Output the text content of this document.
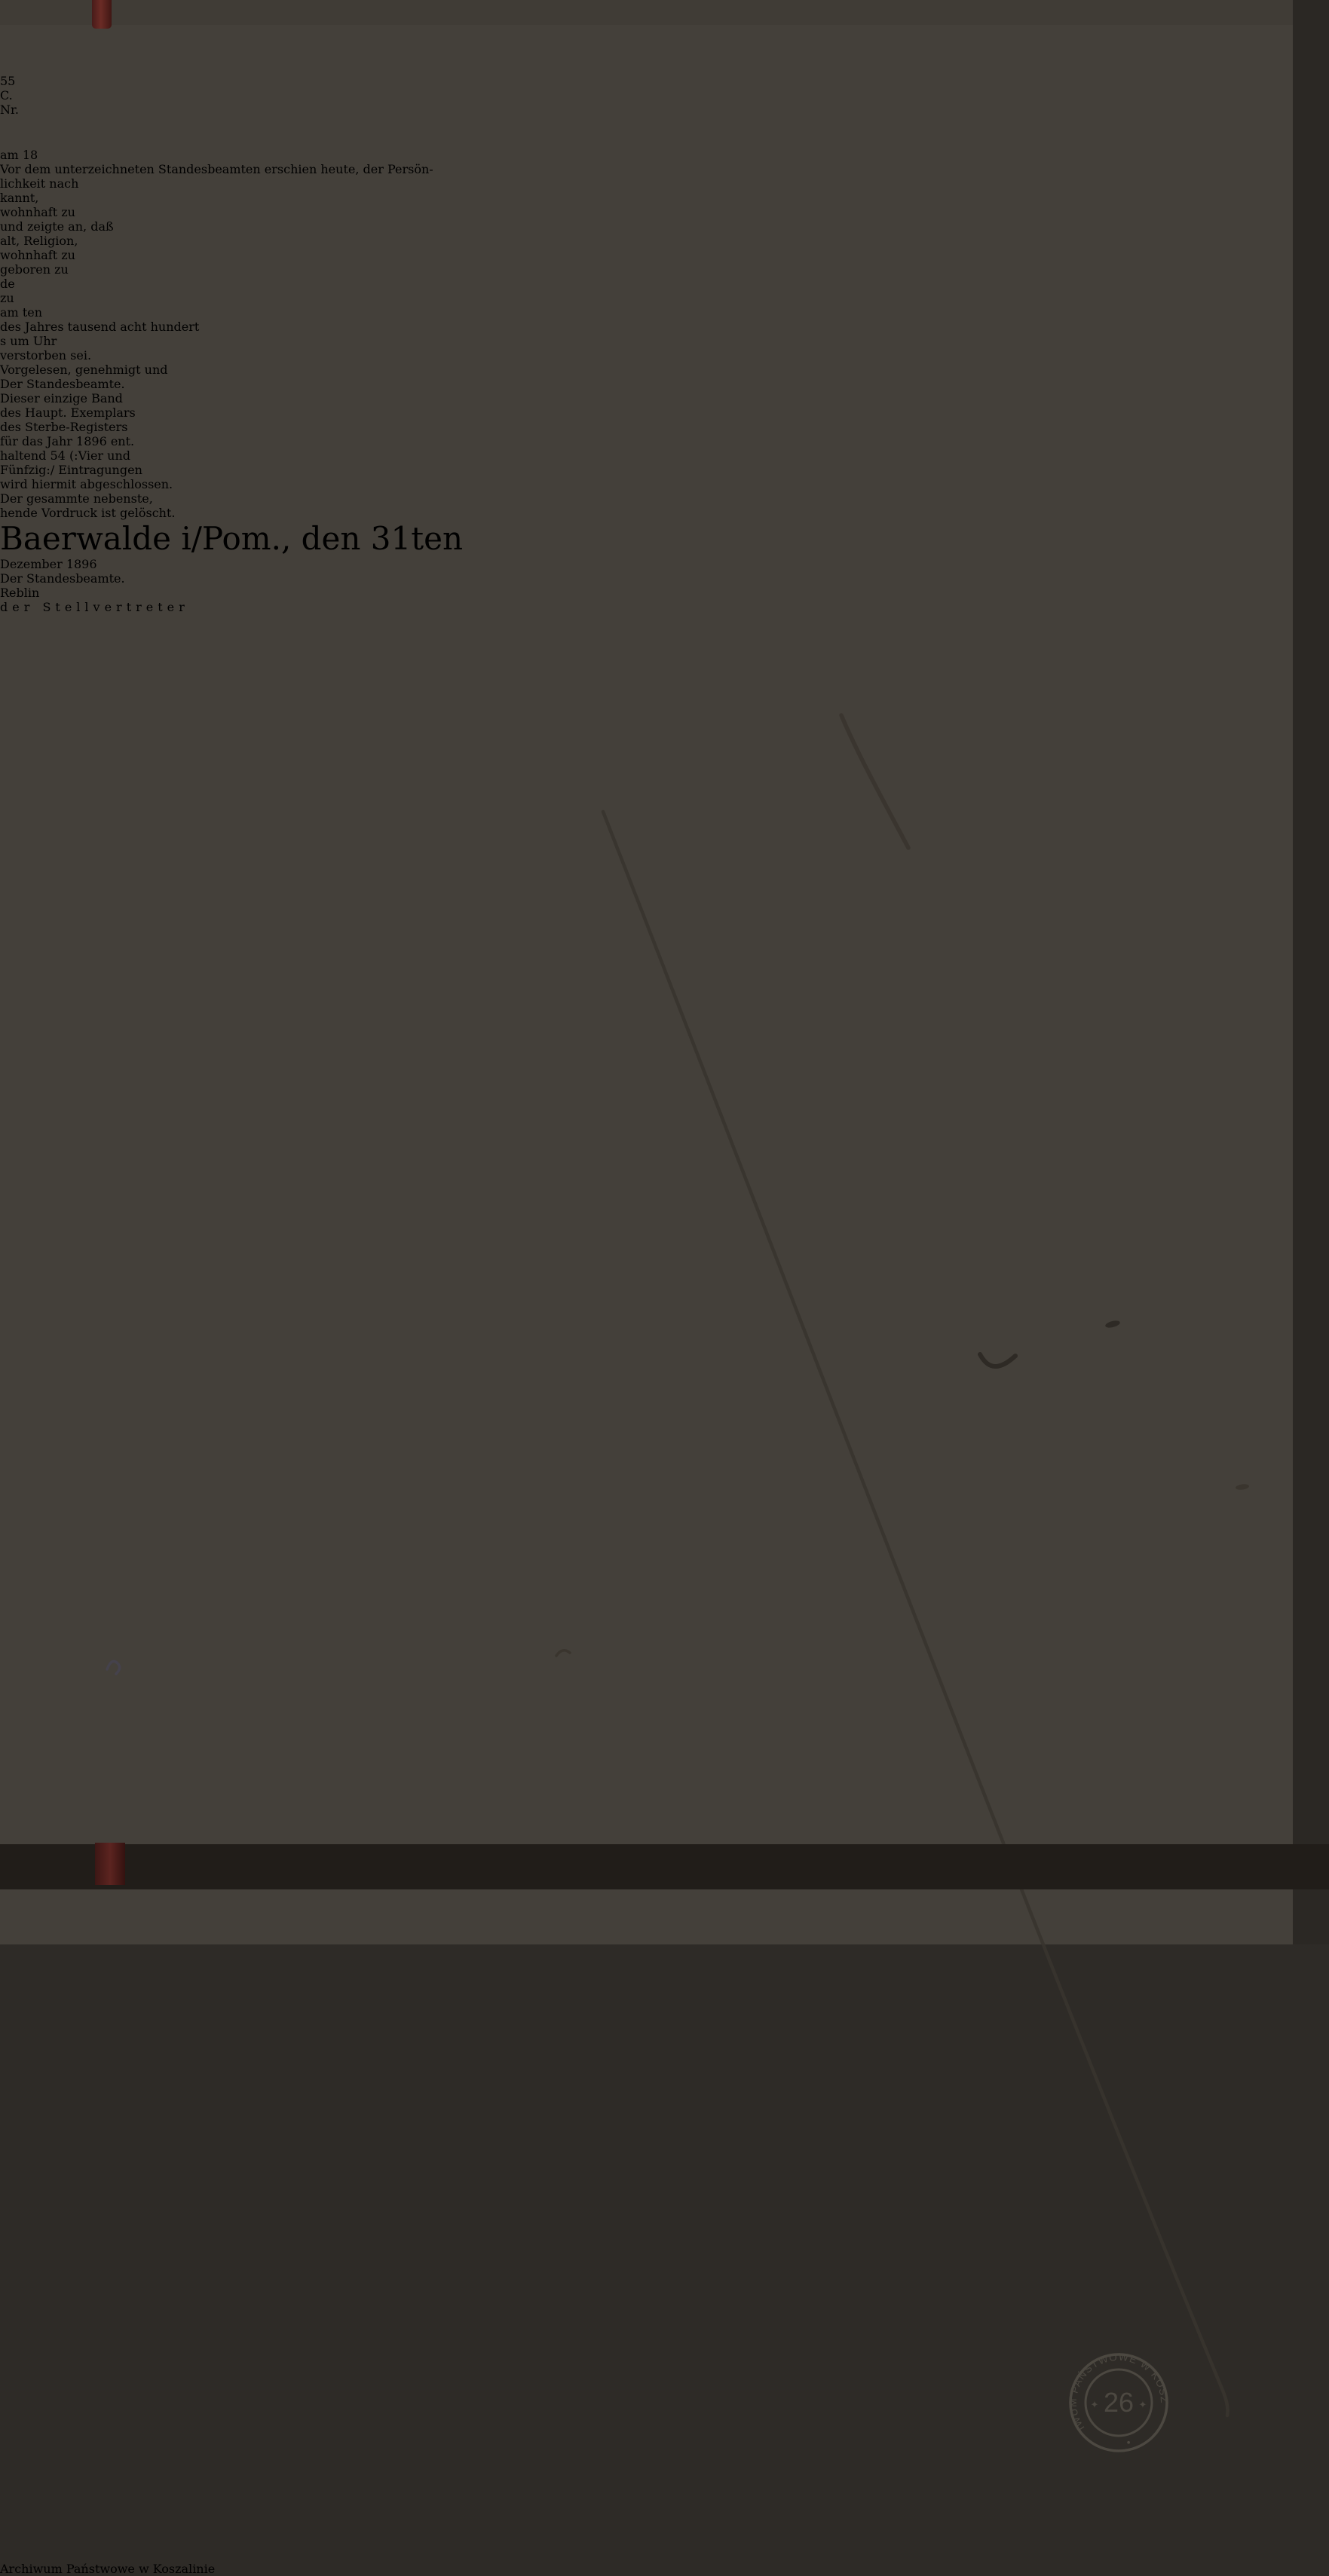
55
C.
Nr.
am 18
Vor dem unterzeichneten Standesbeamten erschien heute, der Persön-
lichkeit nach
kannt,
wohnhaft zu
und zeigte an, daß
alt, Religion,
wohnhaft zu
geboren zu
de
zu
am ten
des Jahres tausend acht hundert
s um Uhr
verstorben sei.
Vorgelesen, genehmigt und
Der Standesbeamte.
Dieser einzige Band
des Haupt. Exemplars
des Sterbe-Registers
für das Jahr 1896 ent.
haltend 54 (:Vier und
Fünfzig:/ Eintragungen
wird hiermit abgeschlossen.
Der gesammte nebenste,
hende Vordruck ist gelöscht.
Baerwalde i/Pom., den 31ten
Dezember 1896
Der Standesbeamte.
Reblin
der Stellvertreter
ARCHIWUM PAŃSTWOWE W KOSZALINIE
•
26
✦	✦
Archiwum Państwowe w Koszalinie
